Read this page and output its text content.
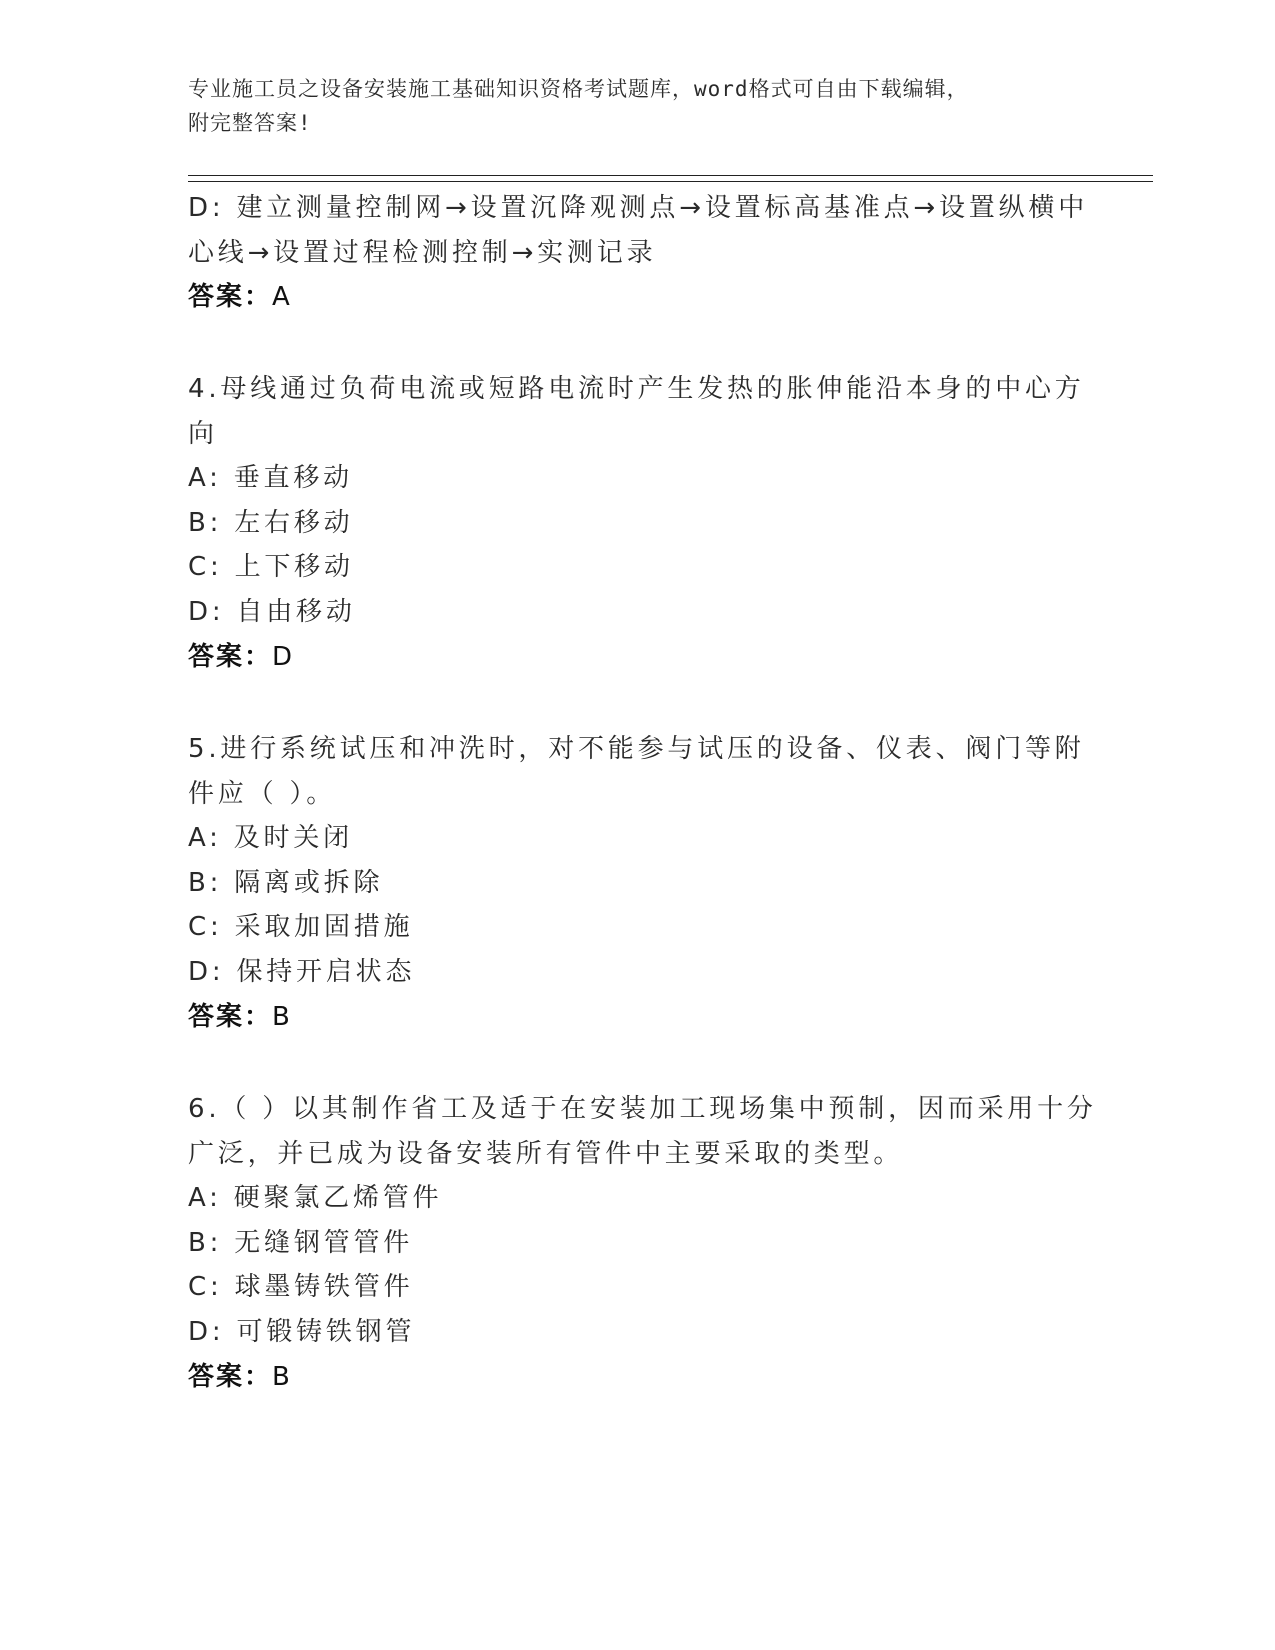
专业施工员之设备安装施工基础知识资格考试题库，word格式可自由下载编辑，
附完整答案!
D: 建立测量控制网→设置沉降观测点→设置标高基准点→设置纵横中
心线→设置过程检测控制→实测记录
答案：A
4.母线通过负荷电流或短路电流时产生发热的胀伸能沿本身的中心方
向
A: 垂直移动
B: 左右移动
C: 上下移动
D: 自由移动
答案：D
5.进行系统试压和冲洗时，对不能参与试压的设备、仪表、阀门等附
件应（ ）。
A: 及时关闭
B: 隔离或拆除
C: 采取加固措施
D: 保持开启状态
答案：B
6.（ ）以其制作省工及适于在安装加工现场集中预制，因而采用十分
广泛，并已成为设备安装所有管件中主要采取的类型。
A: 硬聚氯乙烯管件
B: 无缝钢管管件
C: 球墨铸铁管件
D: 可锻铸铁钢管
答案：B
